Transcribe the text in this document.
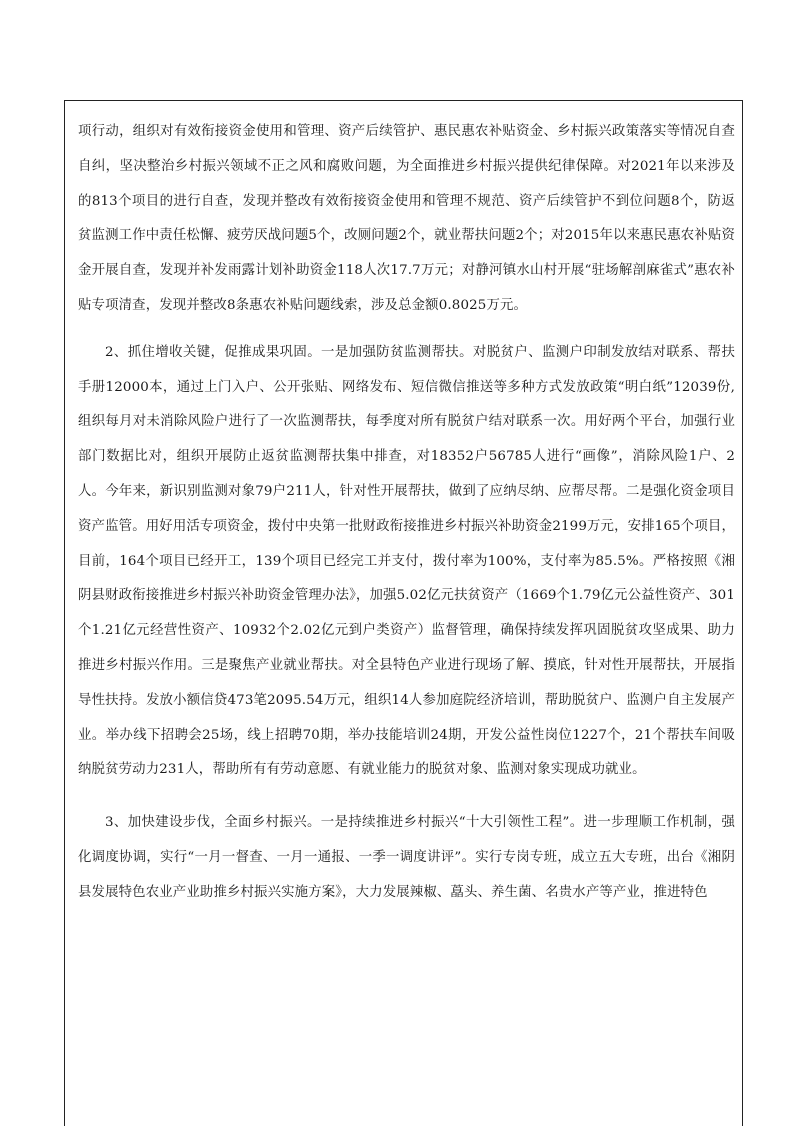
项行动，组织对有效衔接资金使用和管理、资产后续管护、惠民惠农补贴资金、乡村振兴政策落实等情况自查自纠，坚决整治乡村振兴领域不正之风和腐败问题，为全面推进乡村振兴提供纪律保障。对2021年以来涉及的813个项目的进行自查，发现并整改有效衔接资金使用和管理不规范、资产后续管护不到位问题8个，防返贫监测工作中责任松懈、疲劳厌战问题5个，改厕问题2个，就业帮扶问题2个；对2015年以来惠民惠农补贴资金开展自查，发现并补发雨露计划补助资金118人次17.7万元；对静河镇水山村开展“驻场解剖麻雀式”惠农补贴专项清查，发现并整改8条惠农补贴问题线索，涉及总金额0.8025万元。

2、抓住增收关键，促推成果巩固。一是加强防贫监测帮扶。对脱贫户、监测户印制发放结对联系、帮扶手册12000本，通过上门入户、公开张贴、网络发布、短信微信推送等多种方式发放政策“明白纸”12039份,组织每月对未消除风险户进行了一次监测帮扶，每季度对所有脱贫户结对联系一次。用好两个平台，加强行业部门数据比对，组织开展防止返贫监测帮扶集中排查，对18352户56785人进行“画像”，消除风险1户、2人。今年来，新识别监测对象79户211人，针对性开展帮扶，做到了应纳尽纳、应帮尽帮。二是强化资金项目资产监管。用好用活专项资金，拨付中央第一批财政衔接推进乡村振兴补助资金2199万元，安排165个项目，目前，164个项目已经开工，139个项目已经完工并支付，拨付率为100%，支付率为85.5%。严格按照《湘阴县财政衔接推进乡村振兴补助资金管理办法》，加强5.02亿元扶贫资产（1669个1.79亿元公益性资产、301个1.21亿元经营性资产、10932个2.02亿元到户类资产）监督管理，确保持续发挥巩固脱贫攻坚成果、助力推进乡村振兴作用。三是聚焦产业就业帮扶。对全县特色产业进行现场了解、摸底，针对性开展帮扶，开展指导性扶持。发放小额信贷473笔2095.54万元，组织14人参加庭院经济培训，帮助脱贫户、监测户自主发展产业。举办线下招聘会25场，线上招聘70期，举办技能培训24期，开发公益性岗位1227个，21个帮扶车间吸纳脱贫劳动力231人，帮助所有有劳动意愿、有就业能力的脱贫对象、监测对象实现成功就业。

3、加快建设步伐，全面乡村振兴。一是持续推进乡村振兴“十大引领性工程”。进一步理顺工作机制，强化调度协调，实行“一月一督查、一月一通报、一季一调度讲评”。实行专岗专班，成立五大专班，出台《湘阴县发展特色农业产业助推乡村振兴实施方案》，大力发展辣椒、藠头、养生菌、名贵水产等产业，推进特色
